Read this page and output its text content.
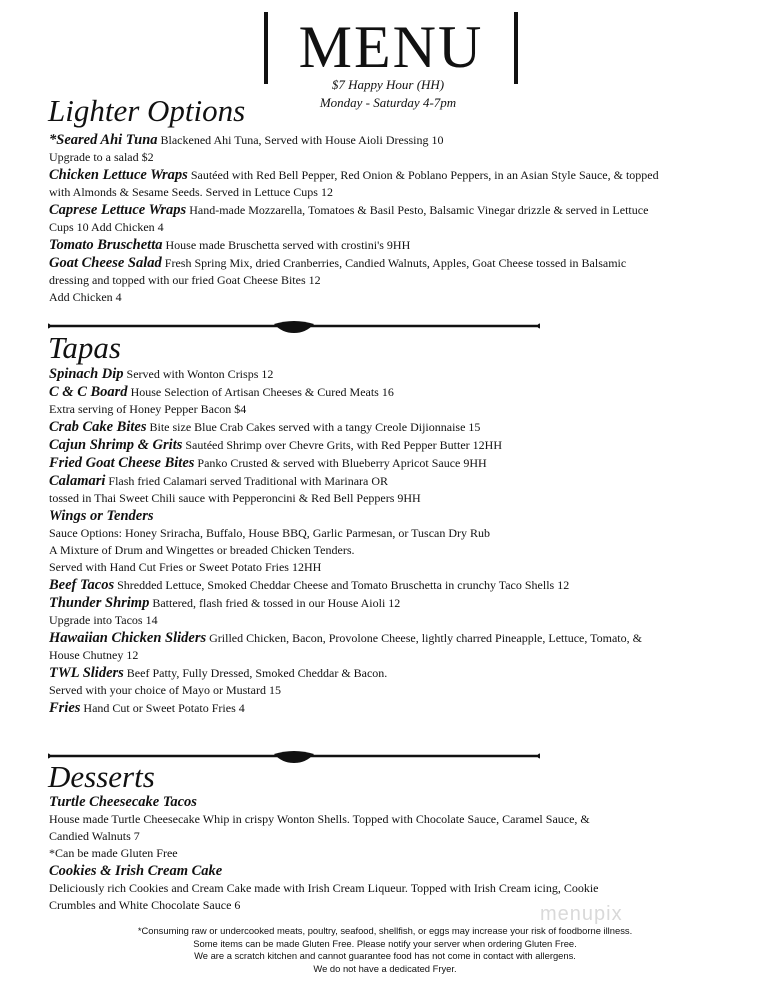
MENU
$7 Happy Hour (HH)
Monday - Saturday 4-7pm
Lighter Options

*Seared Ahi Tuna Blackened Ahi Tuna, Served with House Aioli Dressing 10
Upgrade to a salad $2

Chicken Lettuce Wraps Sautéed with Red Bell Pepper, Red Onion & Poblano Peppers, in an Asian Style Sauce, & topped with Almonds & Sesame Seeds. Served in Lettuce Cups 12

Caprese Lettuce Wraps Hand-made Mozzarella, Tomatoes & Basil Pesto, Balsamic Vinegar drizzle & served in Lettuce Cups 10 Add Chicken 4

Tomato Bruschetta House made Bruschetta served with crostini's 9HH

Goat Cheese Salad Fresh Spring Mix, dried Cranberries, Candied Walnuts, Apples, Goat Cheese tossed in Balsamic dressing and topped with our fried Goat Cheese Bites 12
Add Chicken 4

Tapas

Spinach Dip Served with Wonton Crisps 12

C & C Board House Selection of Artisan Cheeses & Cured Meats 16
Extra serving of Honey Pepper Bacon $4

Crab Cake Bites Bite size Blue Crab Cakes served with a tangy Creole Dijionnaise 15

Cajun Shrimp & Grits Sautéed Shrimp over Chevre Grits, with Red Pepper Butter 12HH

Fried Goat Cheese Bites Panko Crusted & served with Blueberry Apricot Sauce 9HH

Calamari Flash fried Calamari served Traditional with Marinara OR
tossed in Thai Sweet Chili sauce with Pepperoncini & Red Bell Peppers 9HH

Wings or Tenders
Sauce Options: Honey Sriracha, Buffalo, House BBQ, Garlic Parmesan, or Tuscan Dry Rub
A Mixture of Drum and Wingettes or breaded Chicken Tenders.
Served with Hand Cut Fries or Sweet Potato Fries 12HH

Beef Tacos Shredded Lettuce, Smoked Cheddar Cheese and Tomato Bruschetta in crunchy Taco Shells 12

Thunder Shrimp Battered, flash fried & tossed in our House Aioli 12
Upgrade into Tacos 14

Hawaiian Chicken Sliders Grilled Chicken, Bacon, Provolone Cheese, lightly charred Pineapple, Lettuce, Tomato, & House Chutney 12

TWL Sliders Beef Patty, Fully Dressed, Smoked Cheddar & Bacon.
Served with your choice of Mayo or Mustard 15

Fries Hand Cut or Sweet Potato Fries 4

Desserts

Turtle Cheesecake Tacos
House made Turtle Cheesecake Whip in crispy Wonton Shells. Topped with Chocolate Sauce, Caramel Sauce, & Candied Walnuts 7
*Can be made Gluten Free

Cookies & Irish Cream Cake
Deliciously rich Cookies and Cream Cake made with Irish Cream Liqueur. Topped with Irish Cream icing, Cookie Crumbles and White Chocolate Sauce 6	menupix
*Consuming raw or undercooked meats, poultry, seafood, shellfish, or eggs may increase your risk of foodborne illness.
Some items can be made Gluten Free. Please notify your server when ordering Gluten Free.
We are a scratch kitchen and cannot guarantee food has not come in contact with allergens.
We do not have a dedicated Fryer.
